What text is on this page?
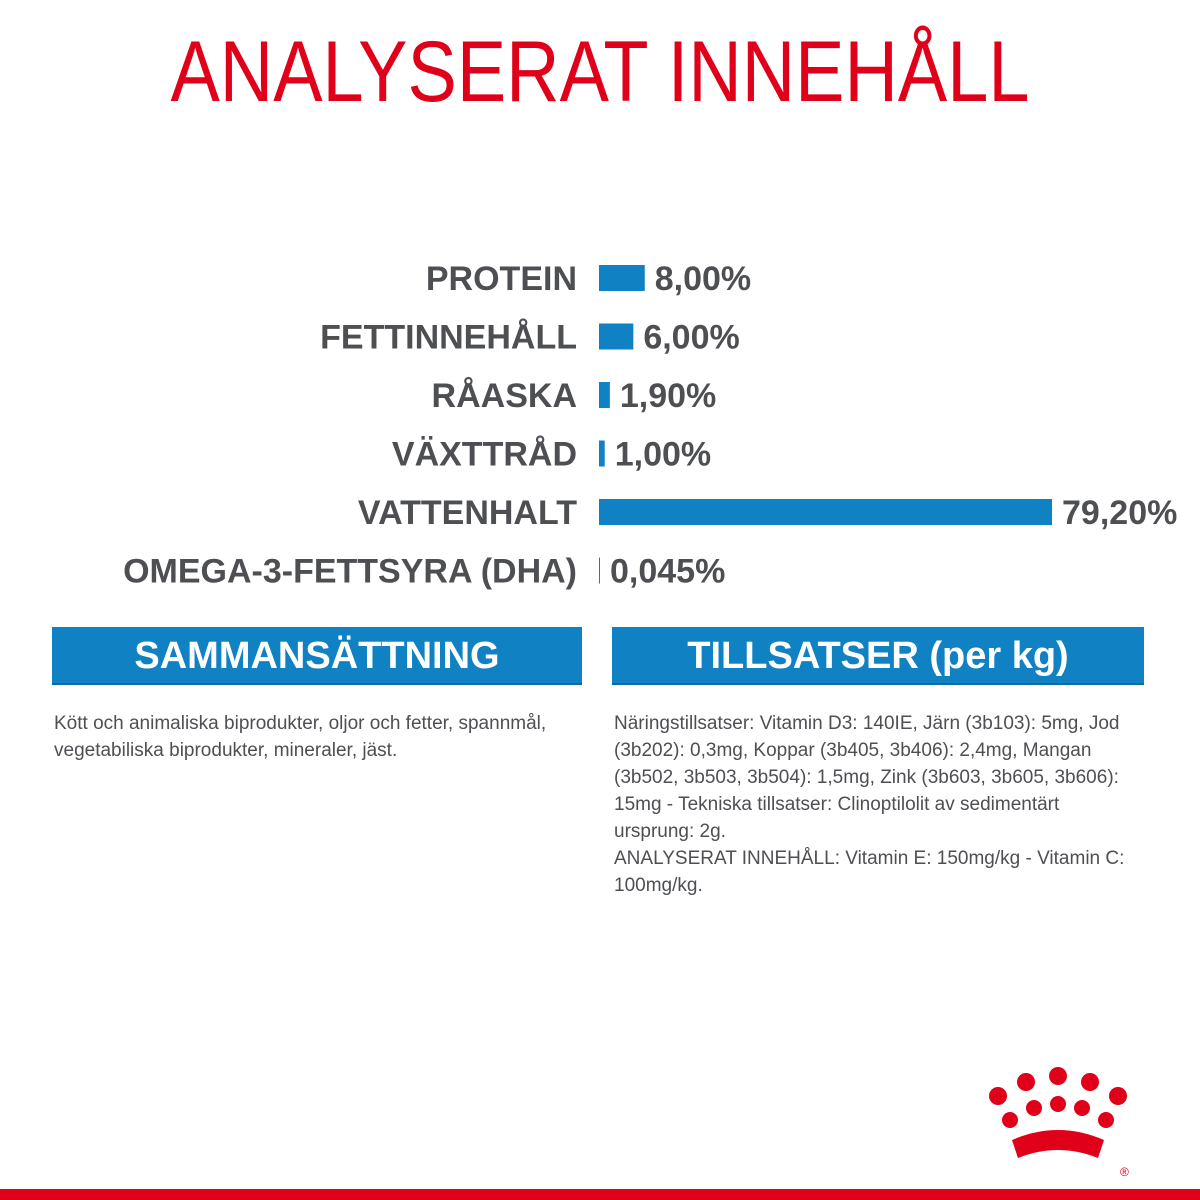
ANALYSERAT INNEHÅLL
PROTEIN 8,00%
FETTINNEHÅLL 6,00%
RÅASKA 1,90%
VÄXTTRÅD 1,00%
VATTENHALT	79,20%
OMEGA-3-FETTSYRA (DHA) 0,045%
SAMMANSÄTTNING	TILLSATSER (per kg)

Kött och animaliska biprodukter, oljor och fetter, spannmål, vegetabiliska biprodukter, mineraler, jäst.

Näringstillsatser: Vitamin D3: 140IE, Järn (3b103): 5mg, Jod (3b202): 0,3mg, Koppar (3b405, 3b406): 2,4mg, Mangan (3b502, 3b503, 3b504): 1,5mg, Zink (3b603, 3b605, 3b606): 15mg - Tekniska tillsatser: Clinoptilolit av sedimentärt ursprung: 2g.
ANALYSERAT INNEHÅLL: Vitamin E: 150mg/kg - Vitamin C: 100mg/kg.

®
